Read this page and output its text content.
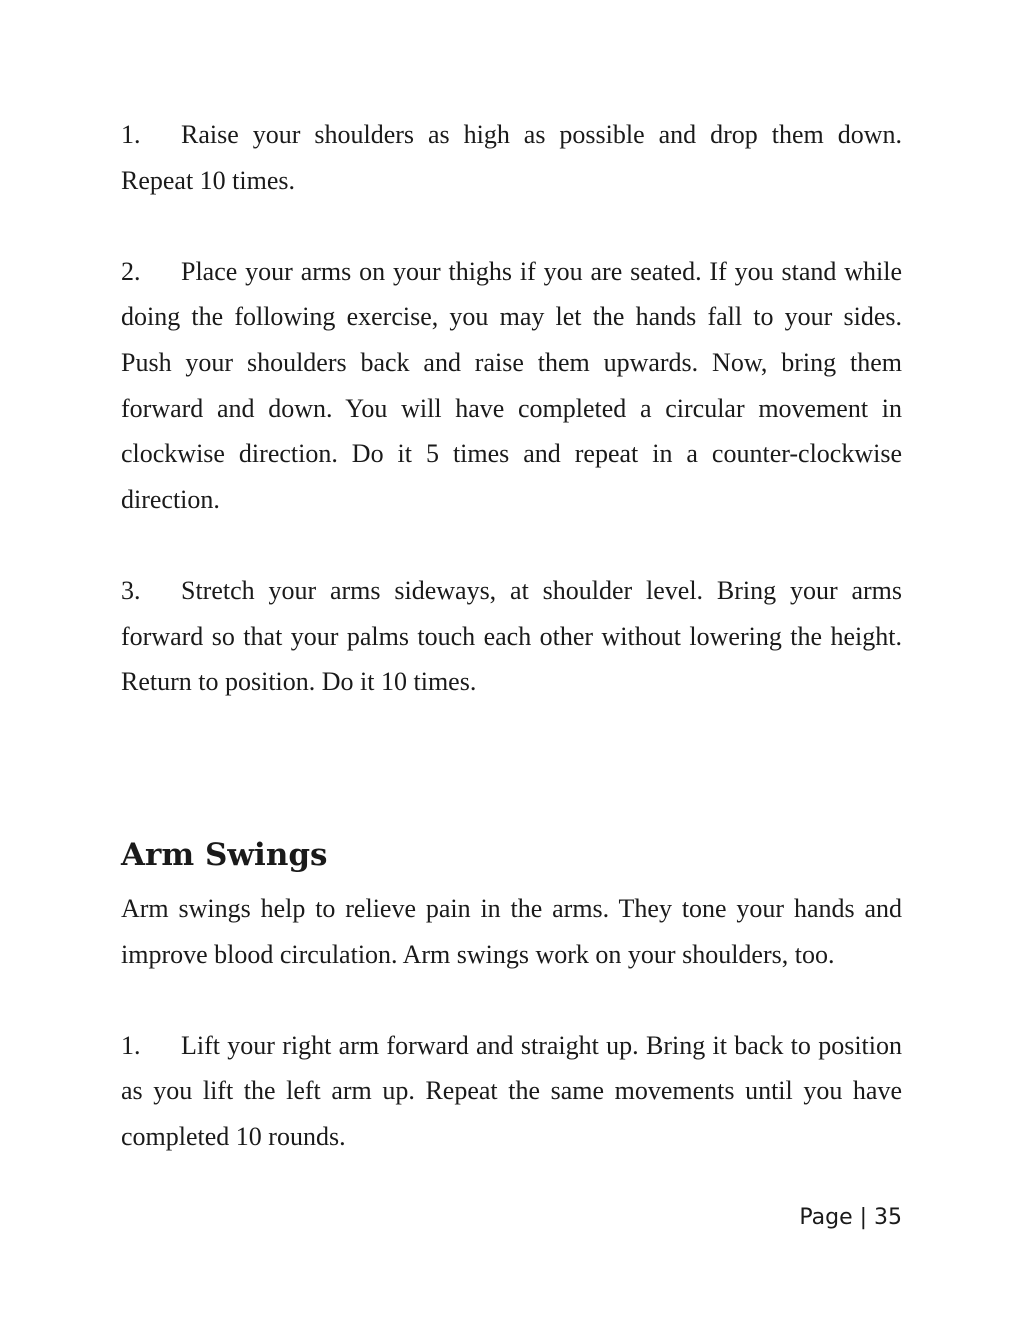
1. Raise your shoulders as high as possible and drop them down. Repeat 10 times.

2. Place your arms on your thighs if you are seated. If you stand while doing the following exercise, you may let the hands fall to your sides. Push your shoulders back and raise them upwards. Now, bring them forward and down. You will have completed a circular movement in clockwise direction. Do it 5 times and repeat in a counter-clockwise direction.

3. Stretch your arms sideways, at shoulder level. Bring your arms forward so that your palms touch each other without lowering the height. Return to position. Do it 10 times.

Arm Swings

Arm swings help to relieve pain in the arms. They tone your hands and improve blood circulation. Arm swings work on your shoulders, too.

1. Lift your right arm forward and straight up. Bring it back to position as you lift the left arm up. Repeat the same movements until you have completed 10 rounds.

Page | 35
